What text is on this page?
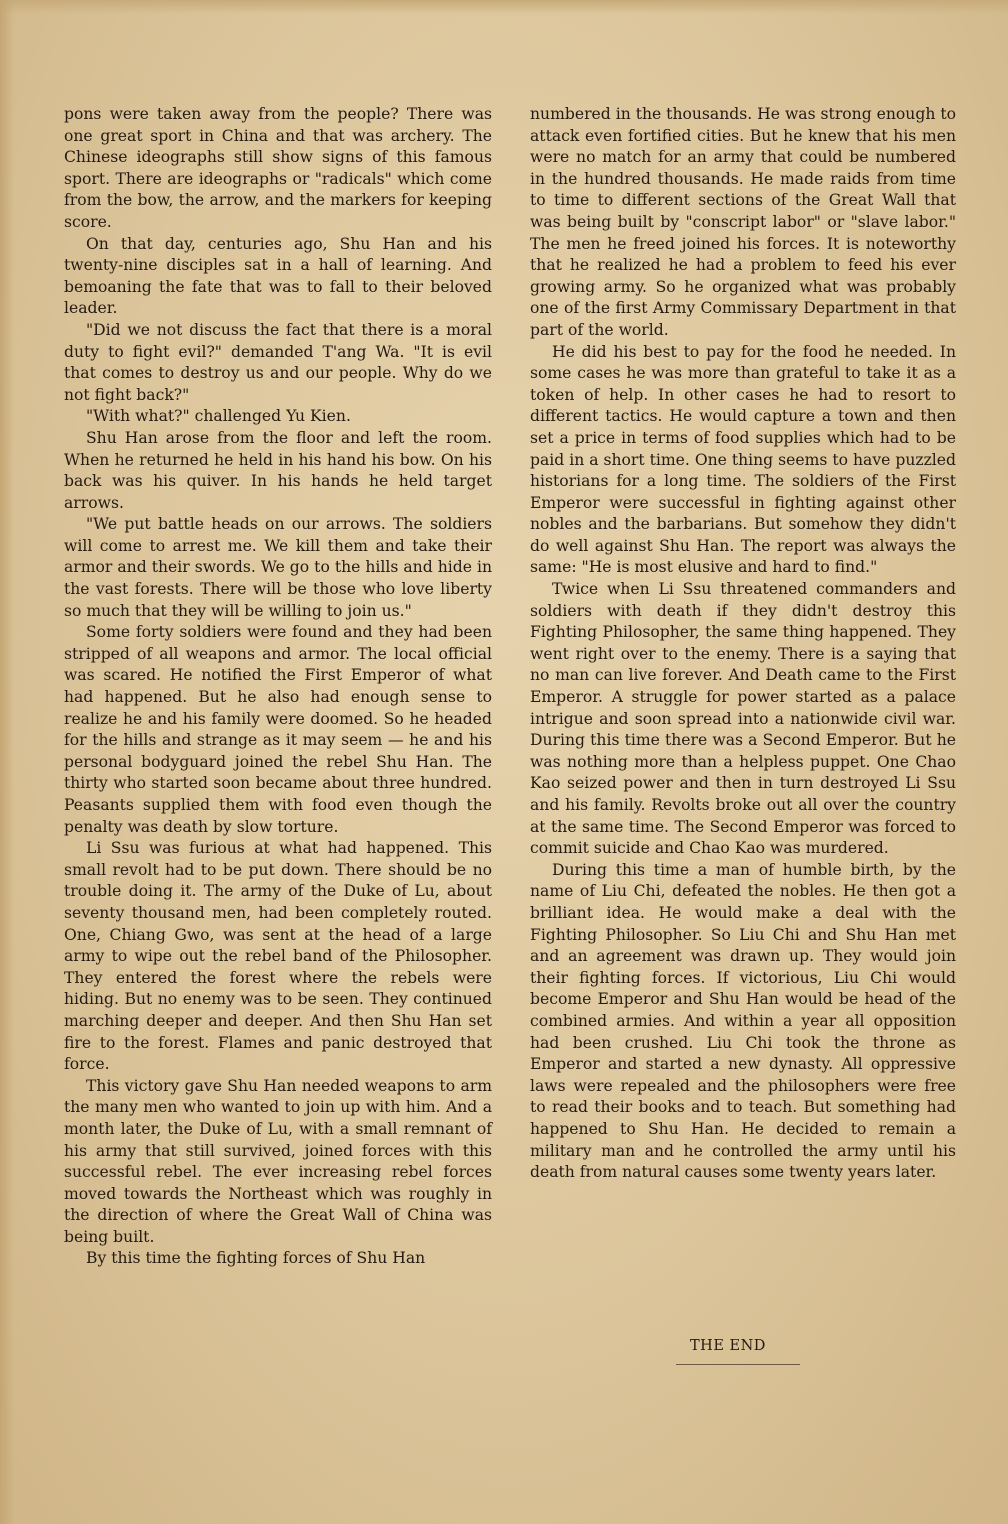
pons were taken away from the people? There was one great sport in China and that was archery. The Chinese ideographs still show signs of this famous sport. There are ideographs or "radicals" which come from the bow, the arrow, and the markers for keeping score.

On that day, centuries ago, Shu Han and his twenty-nine disciples sat in a hall of learning. And bemoaning the fate that was to fall to their beloved leader.

"Did we not discuss the fact that there is a moral duty to fight evil?" demanded T'ang Wa. "It is evil that comes to destroy us and our people. Why do we not fight back?"

"With what?" challenged Yu Kien.

Shu Han arose from the floor and left the room. When he returned he held in his hand his bow. On his back was his quiver. In his hands he held target arrows.

"We put battle heads on our arrows. The soldiers will come to arrest me. We kill them and take their armor and their swords. We go to the hills and hide in the vast forests. There will be those who love liberty so much that they will be willing to join us."

Some forty soldiers were found and they had been stripped of all weapons and armor. The local official was scared. He notified the First Emperor of what had happened. But he also had enough sense to realize he and his family were doomed. So he headed for the hills and strange as it may seem — he and his personal bodyguard joined the rebel Shu Han. The thirty who started soon became about three hundred. Peasants supplied them with food even though the penalty was death by slow torture.

Li Ssu was furious at what had happened. This small revolt had to be put down. There should be no trouble doing it. The army of the Duke of Lu, about seventy thousand men, had been completely routed. One, Chiang Gwo, was sent at the head of a large army to wipe out the rebel band of the Philosopher. They entered the forest where the rebels were hiding. But no enemy was to be seen. They continued marching deeper and deeper. And then Shu Han set fire to the forest. Flames and panic destroyed that force.

This victory gave Shu Han needed weapons to arm the many men who wanted to join up with him. And a month later, the Duke of Lu, with a small remnant of his army that still survived, joined forces with this successful rebel. The ever increasing rebel forces moved towards the Northeast which was roughly in the direction of where the Great Wall of China was being built.

By this time the fighting forces of Shu Han

numbered in the thousands. He was strong enough to attack even fortified cities. But he knew that his men were no match for an army that could be numbered in the hundred thousands. He made raids from time to time to different sections of the Great Wall that was being built by "conscript labor" or "slave labor." The men he freed joined his forces. It is noteworthy that he realized he had a problem to feed his ever growing army. So he organized what was probably one of the first Army Commissary Department in that part of the world.

He did his best to pay for the food he needed. In some cases he was more than grateful to take it as a token of help. In other cases he had to resort to different tactics. He would capture a town and then set a price in terms of food supplies which had to be paid in a short time. One thing seems to have puzzled historians for a long time. The soldiers of the First Emperor were successful in fighting against other nobles and the barbarians. But somehow they didn't do well against Shu Han. The report was always the same: "He is most elusive and hard to find."

Twice when Li Ssu threatened commanders and soldiers with death if they didn't destroy this Fighting Philosopher, the same thing happened. They went right over to the enemy. There is a saying that no man can live forever. And Death came to the First Emperor. A struggle for power started as a palace intrigue and soon spread into a nationwide civil war. During this time there was a Second Emperor. But he was nothing more than a helpless puppet. One Chao Kao seized power and then in turn destroyed Li Ssu and his family. Revolts broke out all over the country at the same time. The Second Emperor was forced to commit suicide and Chao Kao was murdered.

During this time a man of humble birth, by the name of Liu Chi, defeated the nobles. He then got a brilliant idea. He would make a deal with the Fighting Philosopher. So Liu Chi and Shu Han met and an agreement was drawn up. They would join their fighting forces. If victorious, Liu Chi would become Emperor and Shu Han would be head of the combined armies. And within a year all opposition had been crushed. Liu Chi took the throne as Emperor and started a new dynasty. All oppressive laws were repealed and the philosophers were free to read their books and to teach. But something had happened to Shu Han. He decided to remain a military man and he controlled the army until his death from natural causes some twenty years later.

THE END
